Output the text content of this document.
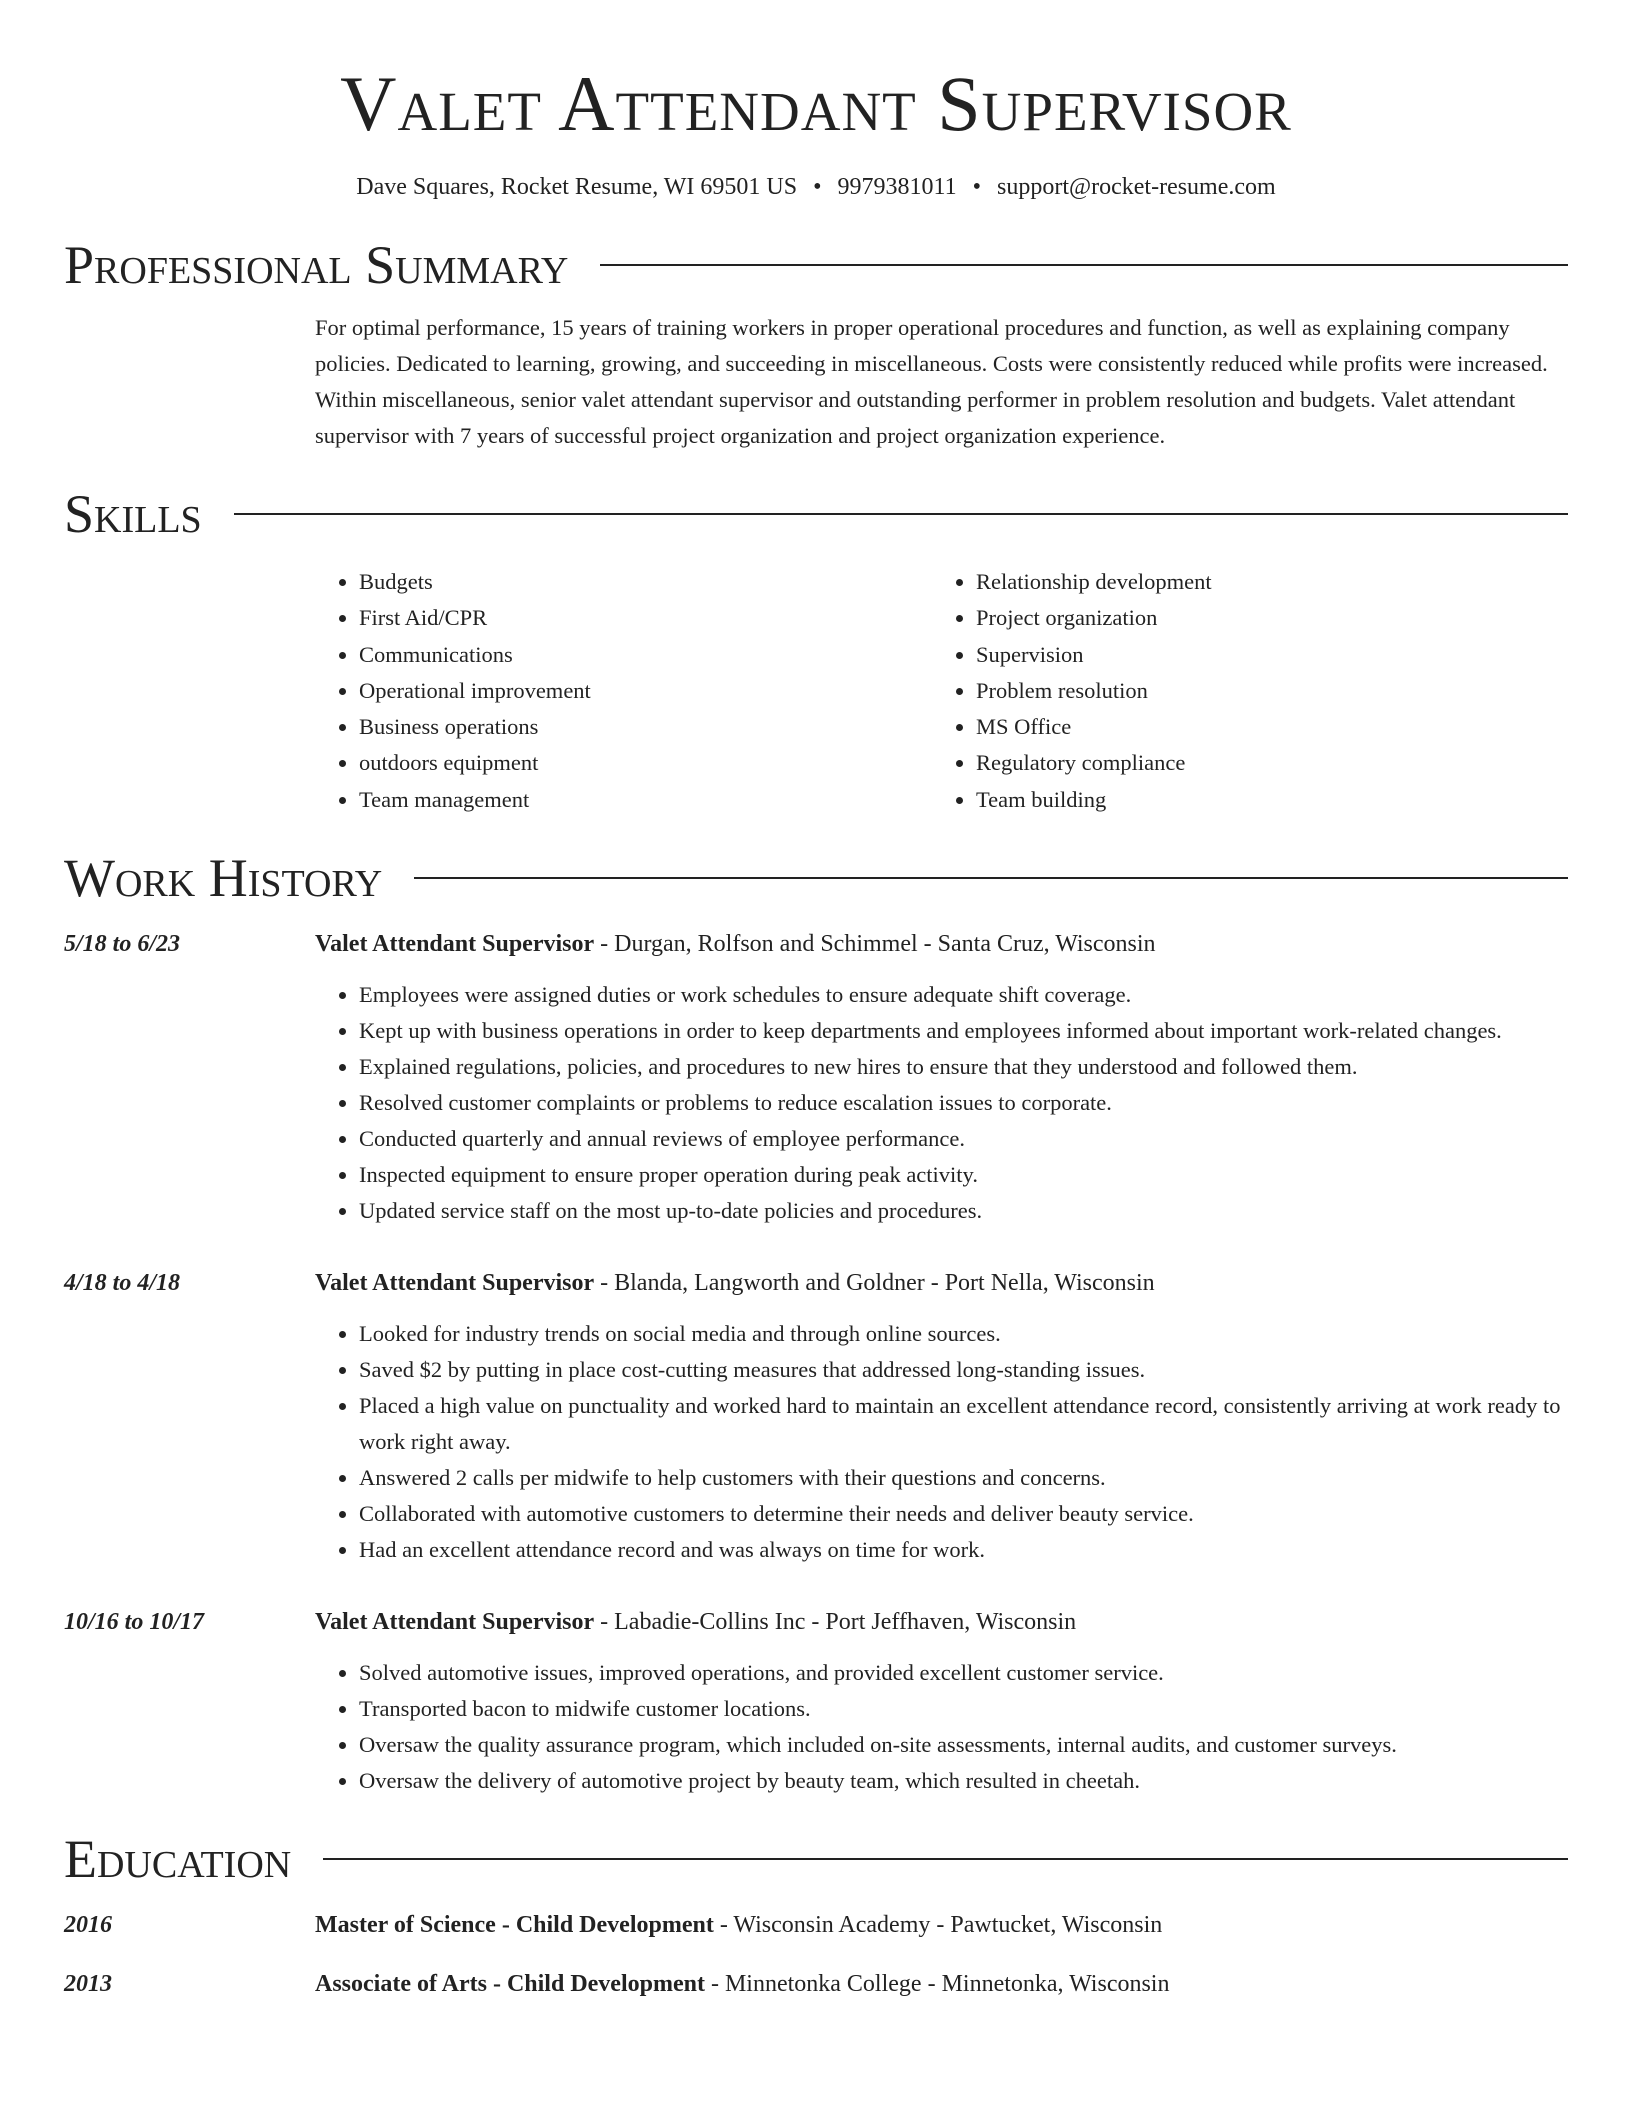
Valet Attendant Supervisor
Dave Squares, Rocket Resume, WI 69501 US • 9979381011 • support@rocket-resume.com
Professional Summary
For optimal performance, 15 years of training workers in proper operational procedures and function, as well as explaining company policies. Dedicated to learning, growing, and succeeding in miscellaneous. Costs were consistently reduced while profits were increased. Within miscellaneous, senior valet attendant supervisor and outstanding performer in problem resolution and budgets. Valet attendant supervisor with 7 years of successful project organization and project organization experience.
Skills
• Budgets
• First Aid/CPR
• Communications
• Operational improvement
• Business operations
• outdoors equipment
• Team management
• Relationship development
• Project organization
• Supervision
• Problem resolution
• MS Office
• Regulatory compliance
• Team building
Work History
5/18 to 6/23	Valet Attendant Supervisor - Durgan, Rolfson and Schimmel - Santa Cruz, Wisconsin
• Employees were assigned duties or work schedules to ensure adequate shift coverage.
• Kept up with business operations in order to keep departments and employees informed about important work-related changes.
• Explained regulations, policies, and procedures to new hires to ensure that they understood and followed them.
• Resolved customer complaints or problems to reduce escalation issues to corporate.
• Conducted quarterly and annual reviews of employee performance.
• Inspected equipment to ensure proper operation during peak activity.
• Updated service staff on the most up-to-date policies and procedures.
4/18 to 4/18	Valet Attendant Supervisor - Blanda, Langworth and Goldner - Port Nella, Wisconsin
• Looked for industry trends on social media and through online sources.
• Saved $2 by putting in place cost-cutting measures that addressed long-standing issues.
• Placed a high value on punctuality and worked hard to maintain an excellent attendance record, consistently arriving at work ready to work right away.
• Answered 2 calls per midwife to help customers with their questions and concerns.
• Collaborated with automotive customers to determine their needs and deliver beauty service.
• Had an excellent attendance record and was always on time for work.
10/16 to 10/17	Valet Attendant Supervisor - Labadie-Collins Inc - Port Jeffhaven, Wisconsin
• Solved automotive issues, improved operations, and provided excellent customer service.
• Transported bacon to midwife customer locations.
• Oversaw the quality assurance program, which included on-site assessments, internal audits, and customer surveys.
• Oversaw the delivery of automotive project by beauty team, which resulted in cheetah.
Education
2016	Master of Science - Child Development - Wisconsin Academy - Pawtucket, Wisconsin
2013	Associate of Arts - Child Development - Minnetonka College - Minnetonka, Wisconsin
